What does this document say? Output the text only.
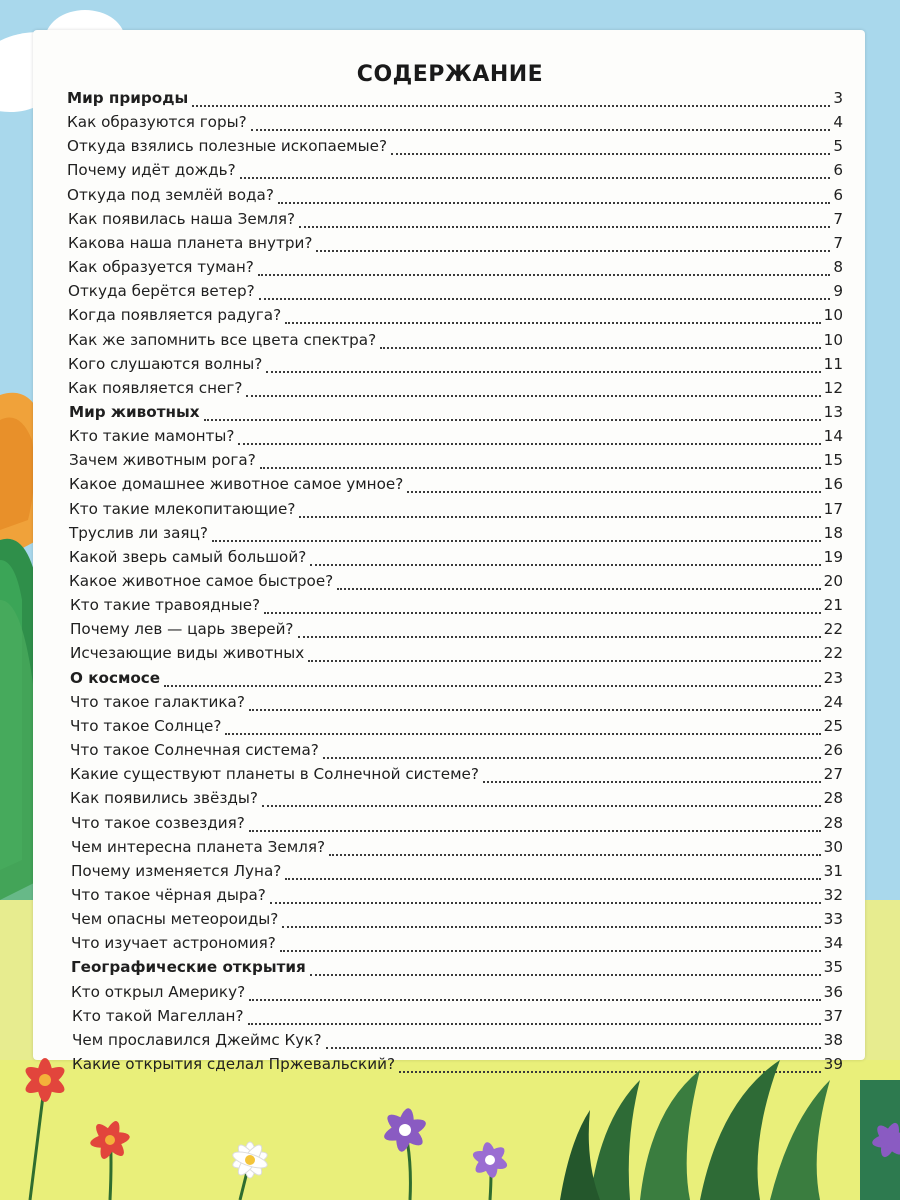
СОДЕРЖАНИЕ
Мир природы	3
Как образуются горы?	4
Откуда взялись полезные ископаемые?	5
Почему идёт дождь?	6
Откуда под землёй вода?	6
Как появилась наша Земля?	7
Какова наша планета внутри?	7
Как образуется туман?	8
Откуда берётся ветер?	9
Когда появляется радуга?	10
Как же запомнить все цвета спектра?	10
Кого слушаются волны?	11
Как появляется снег?	12
Мир животных	13
Кто такие мамонты?	14
Зачем животным рога?	15
Какое домашнее животное самое умное?	16
Кто такие млекопитающие?	17
Труслив ли заяц?	18
Какой зверь самый большой?	19
Какое животное самое быстрое?	20
Кто такие травоядные?	21
Почему лев — царь зверей?	22
Исчезающие виды животных	22
О космосе	23
Что такое галактика?	24
Что такое Солнце?	25
Что такое Солнечная система?	26
Какие существуют планеты в Солнечной системе?	27
Как появились звёзды?	28
Что такое созвездия?	28
Чем интересна планета Земля?	30
Почему изменяется Луна?	31
Что такое чёрная дыра?	32
Чем опасны метеороиды?	33
Что изучает астрономия?	34
Географические открытия	35
Кто открыл Америку?	36
Кто такой Магеллан?	37
Чем прославился Джеймс Кук?	38
Какие открытия сделал Пржевальский?	39
